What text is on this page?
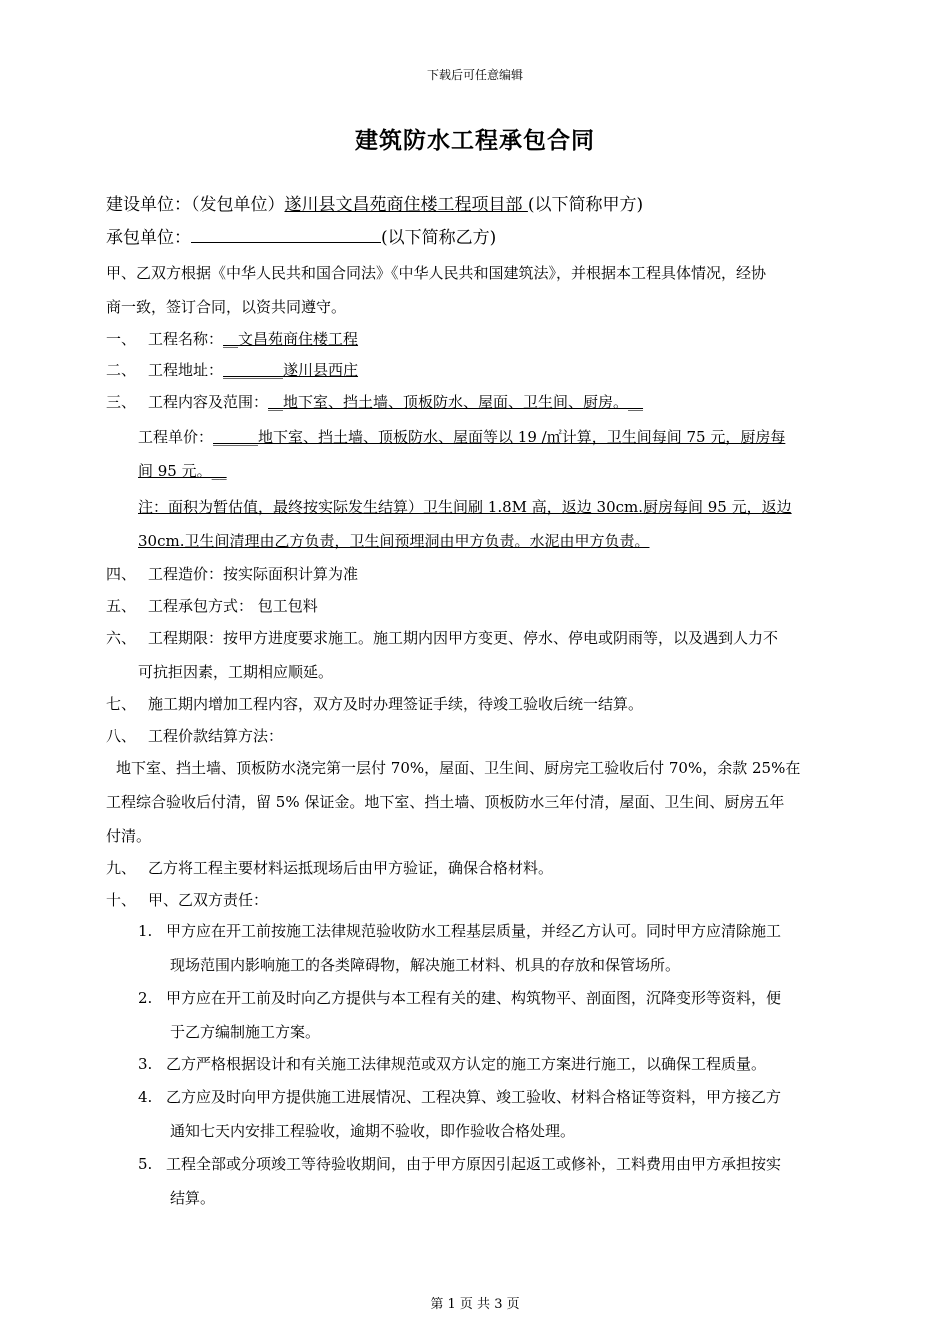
下载后可任意编辑
建筑防水工程承包合同
建设单位：（发包单位）遂川县文昌苑商住楼工程项目部 (以下简称甲方)
承包单位：	(以下简称乙方)
甲、乙双方根据《中华人民共和国合同法》《中华人民共和国建筑法》，并根据本工程具体情况，经协
商一致，签订合同，以资共同遵守。
一、 工程名称：__文昌苑商住楼工程
二、 工程地址：________遂川县西庄
三、 工程内容及范围：__地下室、挡土墙、顶板防水、屋面、卫生间、厨房。__
工程单价：______地下室、挡土墙、顶板防水、屋面等以 19 /㎡计算，卫生间每间 75 元，厨房每
间 95 元。__
注：面积为暂估值，最终按实际发生结算）卫生间刷 1.8M 高，返边 30cm.厨房每间 95 元，返边
30cm.卫生间清理由乙方负责，卫生间预埋洞由甲方负责。水泥由甲方负责。
四、 工程造价：按实际面积计算为准
五、 工程承包方式： 包工包料
六、 工程期限：按甲方进度要求施工。施工期内因甲方变更、停水、停电或阴雨等，以及遇到人力不
可抗拒因素，工期相应顺延。
七、 施工期内增加工程内容，双方及时办理签证手续，待竣工验收后统一结算。
八、 工程价款结算方法：
地下室、挡土墙、顶板防水浇完第一层付 70%，屋面、卫生间、厨房完工验收后付 70%，余款 25%在
工程综合验收后付清，留 5% 保证金。地下室、挡土墙、顶板防水三年付清，屋面、卫生间、厨房五年
付清。
九、 乙方将工程主要材料运抵现场后由甲方验证，确保合格材料。
十、 甲、乙双方责任：
1. 甲方应在开工前按施工法律规范验收防水工程基层质量，并经乙方认可。同时甲方应清除施工
现场范围内影响施工的各类障碍物，解决施工材料、机具的存放和保管场所。
2. 甲方应在开工前及时向乙方提供与本工程有关的建、构筑物平、剖面图，沉降变形等资料，便
于乙方编制施工方案。
3. 乙方严格根据设计和有关施工法律规范或双方认定的施工方案进行施工，以确保工程质量。
4. 乙方应及时向甲方提供施工进展情况、工程决算、竣工验收、材料合格证等资料，甲方接乙方
通知七天内安排工程验收，逾期不验收，即作验收合格处理。
5. 工程全部或分项竣工等待验收期间，由于甲方原因引起返工或修补，工料费用由甲方承担按实
结算。
第 1 页 共 3 页
